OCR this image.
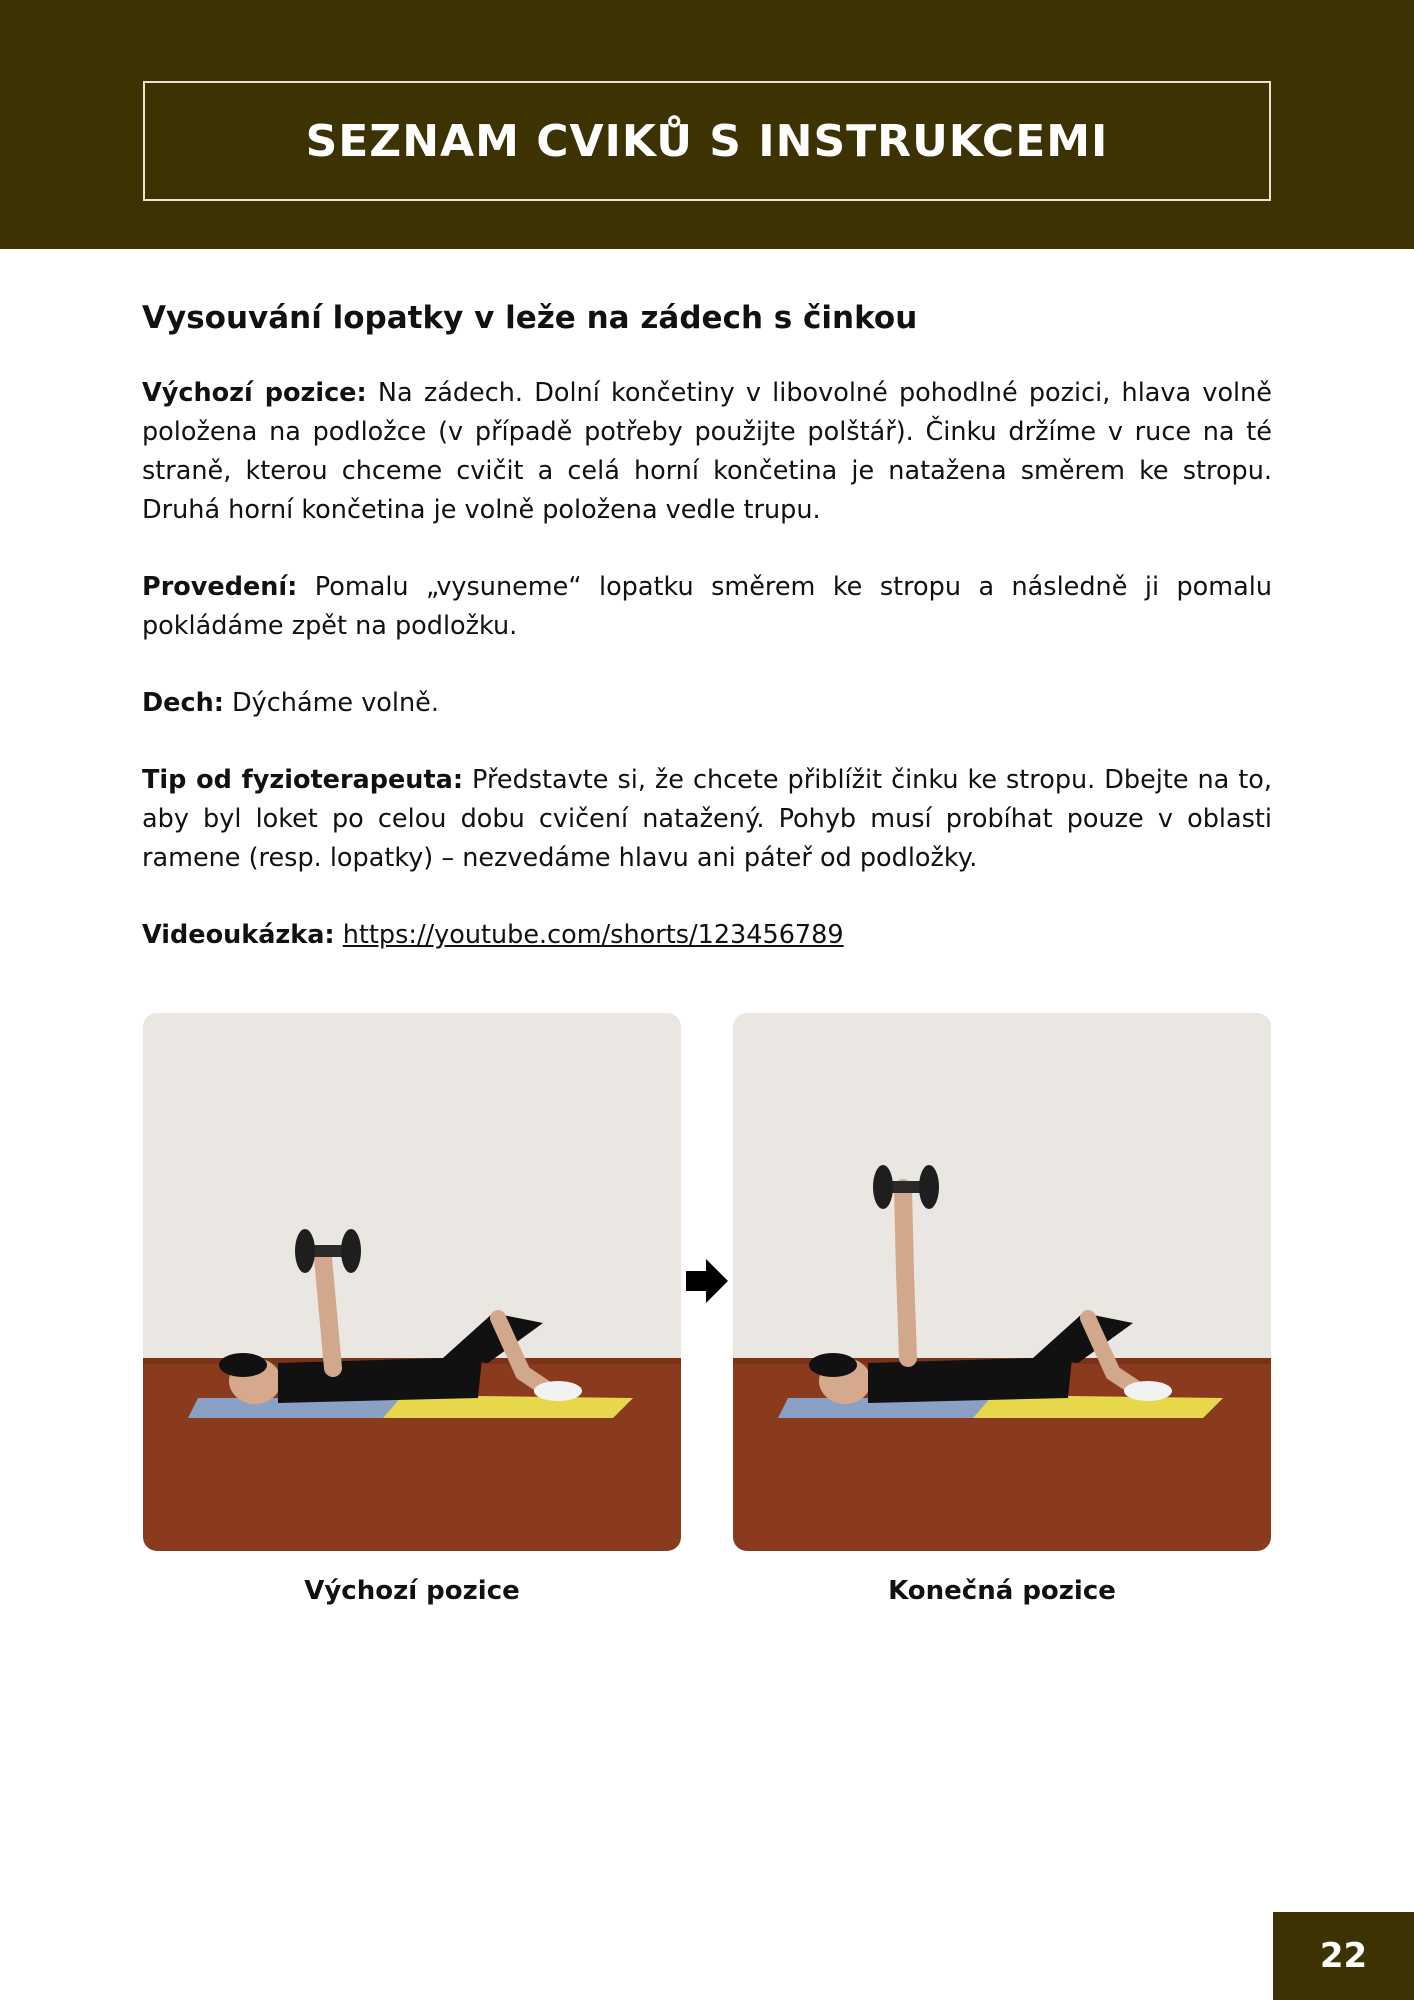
SEZNAM CVIKŮ S INSTRUKCEMI
Vysouvání lopatky v leže na zádech s činkou

Výchozí pozice: Na zádech. Dolní končetiny v libovolné pohodlné pozici, hlava volně položena na podložce (v případě potřeby použijte polštář). Činku držíme v ruce na té straně, kterou chceme cvičit a celá horní končetina je natažena směrem ke stropu. Druhá horní končetina je volně položena vedle trupu.

Provedení: Pomalu „vysuneme“ lopatku směrem ke stropu a následně ji pomalu pokládáme zpět na podložku.

Dech: Dýcháme volně.

Tip od fyzioterapeuta: Představte si, že chcete přiblížit činku ke stropu. Dbejte na to, aby byl loket po celou dobu cvičení natažený. Pohyb musí probíhat pouze v oblasti ramene (resp. lopatky) – nezvedáme hlavu ani páteř od podložky.

Videoukázka: https://youtube.com/shorts/123456789

Výchozí pozice	Konečná pozice
22
